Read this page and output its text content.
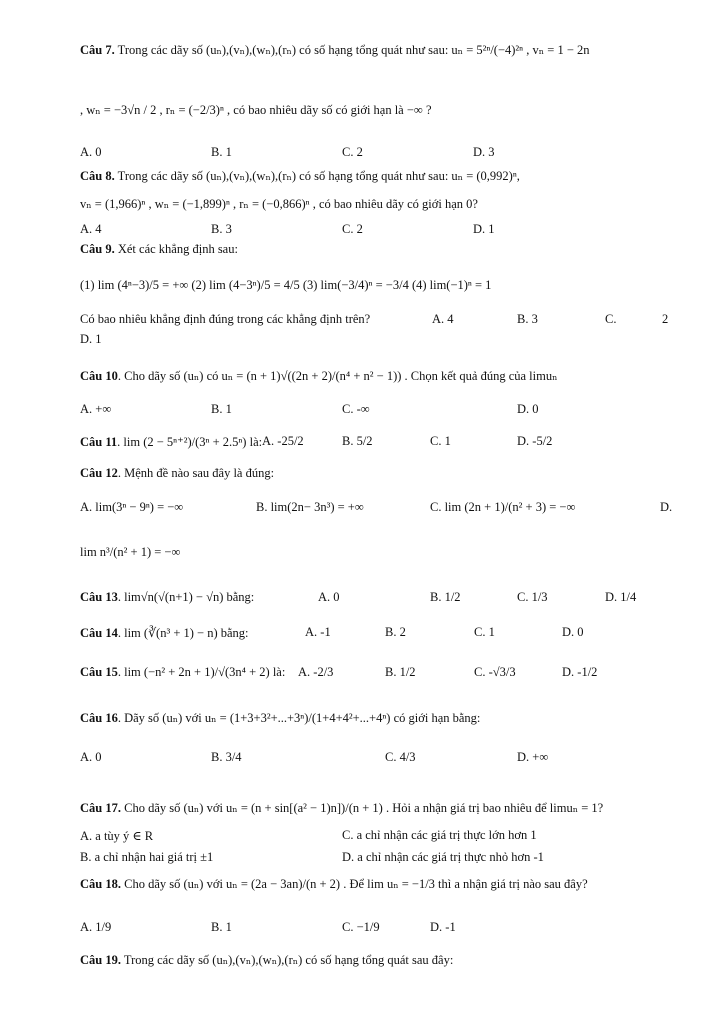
Câu 7. Trong các dãy số (uₙ),(vₙ),(wₙ),(rₙ) có số hạng tổng quát như sau: uₙ = 5²ⁿ/(−4)²ⁿ , vₙ = 1 − 2n
, wₙ = −3√n / 2 , rₙ = (−2/3)ⁿ , có bao nhiêu dãy số có giới hạn là −∞ ?
A. 0	B. 1	C. 2	D. 3
Câu 8. Trong các dãy số (uₙ),(vₙ),(wₙ),(rₙ) có số hạng tổng quát như sau: uₙ = (0,992)ⁿ,
vₙ = (1,966)ⁿ , wₙ = (−1,899)ⁿ , rₙ = (−0,866)ⁿ , có bao nhiêu dãy có giới hạn 0?
A. 4	B. 3	C. 2	D. 1
Câu 9. Xét các khẳng định sau:
(1) lim (4ⁿ−3)/5 = +∞ (2) lim (4−3ⁿ)/5 = 4/5 (3) lim(−3/4)ⁿ = −3/4 (4) lim(−1)ⁿ = 1
Có bao nhiêu khẳng định đúng trong các khẳng định trên?	A. 4	B. 3	C.	2
D. 1
Câu 10. Cho dãy số (uₙ) có uₙ = (n + 1)√((2n + 2)/(n⁴ + n² − 1)) . Chọn kết quả đúng của limuₙ
A. +∞	B. 1	C. -∞	D. 0
Câu 11. lim (2 − 5ⁿ⁺²)/(3ⁿ + 2.5ⁿ) là: A. -25/2	B. 5/2	C. 1	D. -5/2
Câu 12. Mệnh đề nào sau đây là đúng:
A. lim(3ⁿ − 9ⁿ) = −∞	B. lim(2n− 3n³) = +∞	C. lim (2n + 1)/(n² + 3) = −∞	D.
lim n³/(n² + 1) = −∞
Câu 13. lim√n(√(n+1) − √n) bằng:	A. 0	B. 1/2	C. 1/3	D. 1/4
Câu 14. lim (∛(n³ + 1) − n) bằng:	A. -1	B. 2	C. 1	D. 0
Câu 15. lim (−n² + 2n + 1)/√(3n⁴ + 2) là:	A. -2/3	B. 1/2	C. -√3/3	D. -1/2
Câu 16. Dãy số (uₙ) với uₙ = (1+3+3²+...+3ⁿ)/(1+4+4²+...+4ⁿ) có giới hạn bằng:
A. 0	B. 3/4	C. 4/3	D. +∞
Câu 17. Cho dãy số (uₙ) với uₙ = (n + sin[(a² − 1)n])/(n + 1) . Hỏi a nhận giá trị bao nhiêu để limuₙ = 1?
A. a tùy ý ∈ R	C. a chỉ nhận các giá trị thực lớn hơn 1
B. a chỉ nhận hai giá trị ±1	D. a chỉ nhận các giá trị thực nhỏ hơn -1
Câu 18. Cho dãy số (uₙ) với uₙ = (2a − 3an)/(n + 2) . Để lim uₙ = −1/3 thì a nhận giá trị nào sau đây?
A. 1/9	B. 1	C. −1/9	D. -1
Câu 19. Trong các dãy số (uₙ),(vₙ),(wₙ),(rₙ) có số hạng tổng quát sau đây:
